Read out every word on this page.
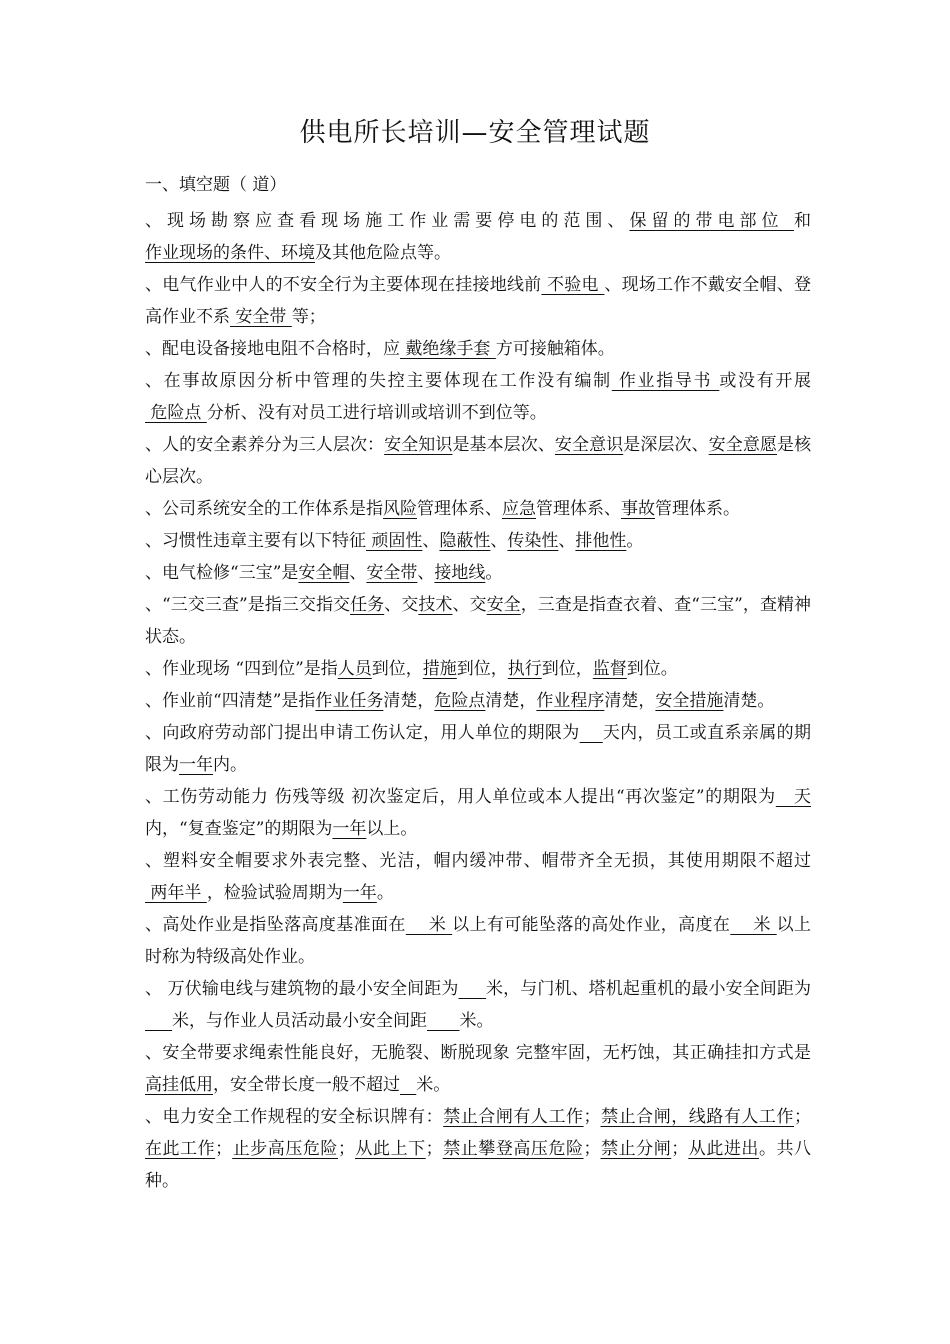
供电所长培训—安全管理试题
一、填空题（ 道）
、现场勘察应查看现场施工作业需要停电的范围、保留的带电部位 和作业现场的条件、环境及其他危险点等。
、电气作业中人的不安全行为主要体现在挂接地线前 不验电 、现场工作不戴安全帽、登高作业不系 安全带 等；
、配电设备接地电阻不合格时，应 戴绝缘手套 方可接触箱体。
、在事故原因分析中管理的失控主要体现在工作没有编制 作业指导书 或没有开展 危险点 分析、没有对员工进行培训或培训不到位等。
、人的安全素养分为三人层次：安全知识是基本层次、安全意识是深层次、安全意愿是核心层次。
、公司系统安全的工作体系是指风险管理体系、应急管理体系、事故管理体系。
、习惯性违章主要有以下特征 顽固性、隐蔽性、传染性、排他性。
、电气检修“三宝”是安全帽、安全带、接地线。
、“三交三查”是指三交指交任务、交技术、交安全，三查是指查衣着、查“三宝”，查精神状态。
、作业现场 “四到位”是指人员到位，措施到位，执行到位，监督到位。
、作业前“四清楚”是指作业任务清楚，危险点清楚，作业程序清楚，安全措施清楚。
、向政府劳动部门提出申请工伤认定，用人单位的期限为 天内，员工或直系亲属的期限为一年内。
、工伤劳动能力 伤残等级 初次鉴定后，用人单位或本人提出“再次鉴定”的期限为   天内，“复查鉴定”的期限为一年以上。
、塑料安全帽要求外表完整、光洁，帽内缓冲带、帽带齐全无损，其使用期限不超过 两年半 ，检验试验周期为一年。
、高处作业是指坠落高度基准面在    米 以上有可能坠落的高处作业，高度在    米 以上时称为特级高处作业。
、 万伏输电线与建筑物的最小安全间距为 米，与门机、塔机起重机的最小安全间距为     米，与作业人员活动最小安全间距 米。
、安全带要求绳索性能良好，无脆裂、断脱现象 完整牢固，无朽蚀，其正确挂扣方式是高挂低用，安全带长度一般不超过 米。
、电力安全工作规程的安全标识牌有：禁止合闸有人工作；禁止合闸，线路有人工作；在此工作；止步高压危险；从此上下；禁止攀登高压危险；禁止分闸；从此进出。共八种。
